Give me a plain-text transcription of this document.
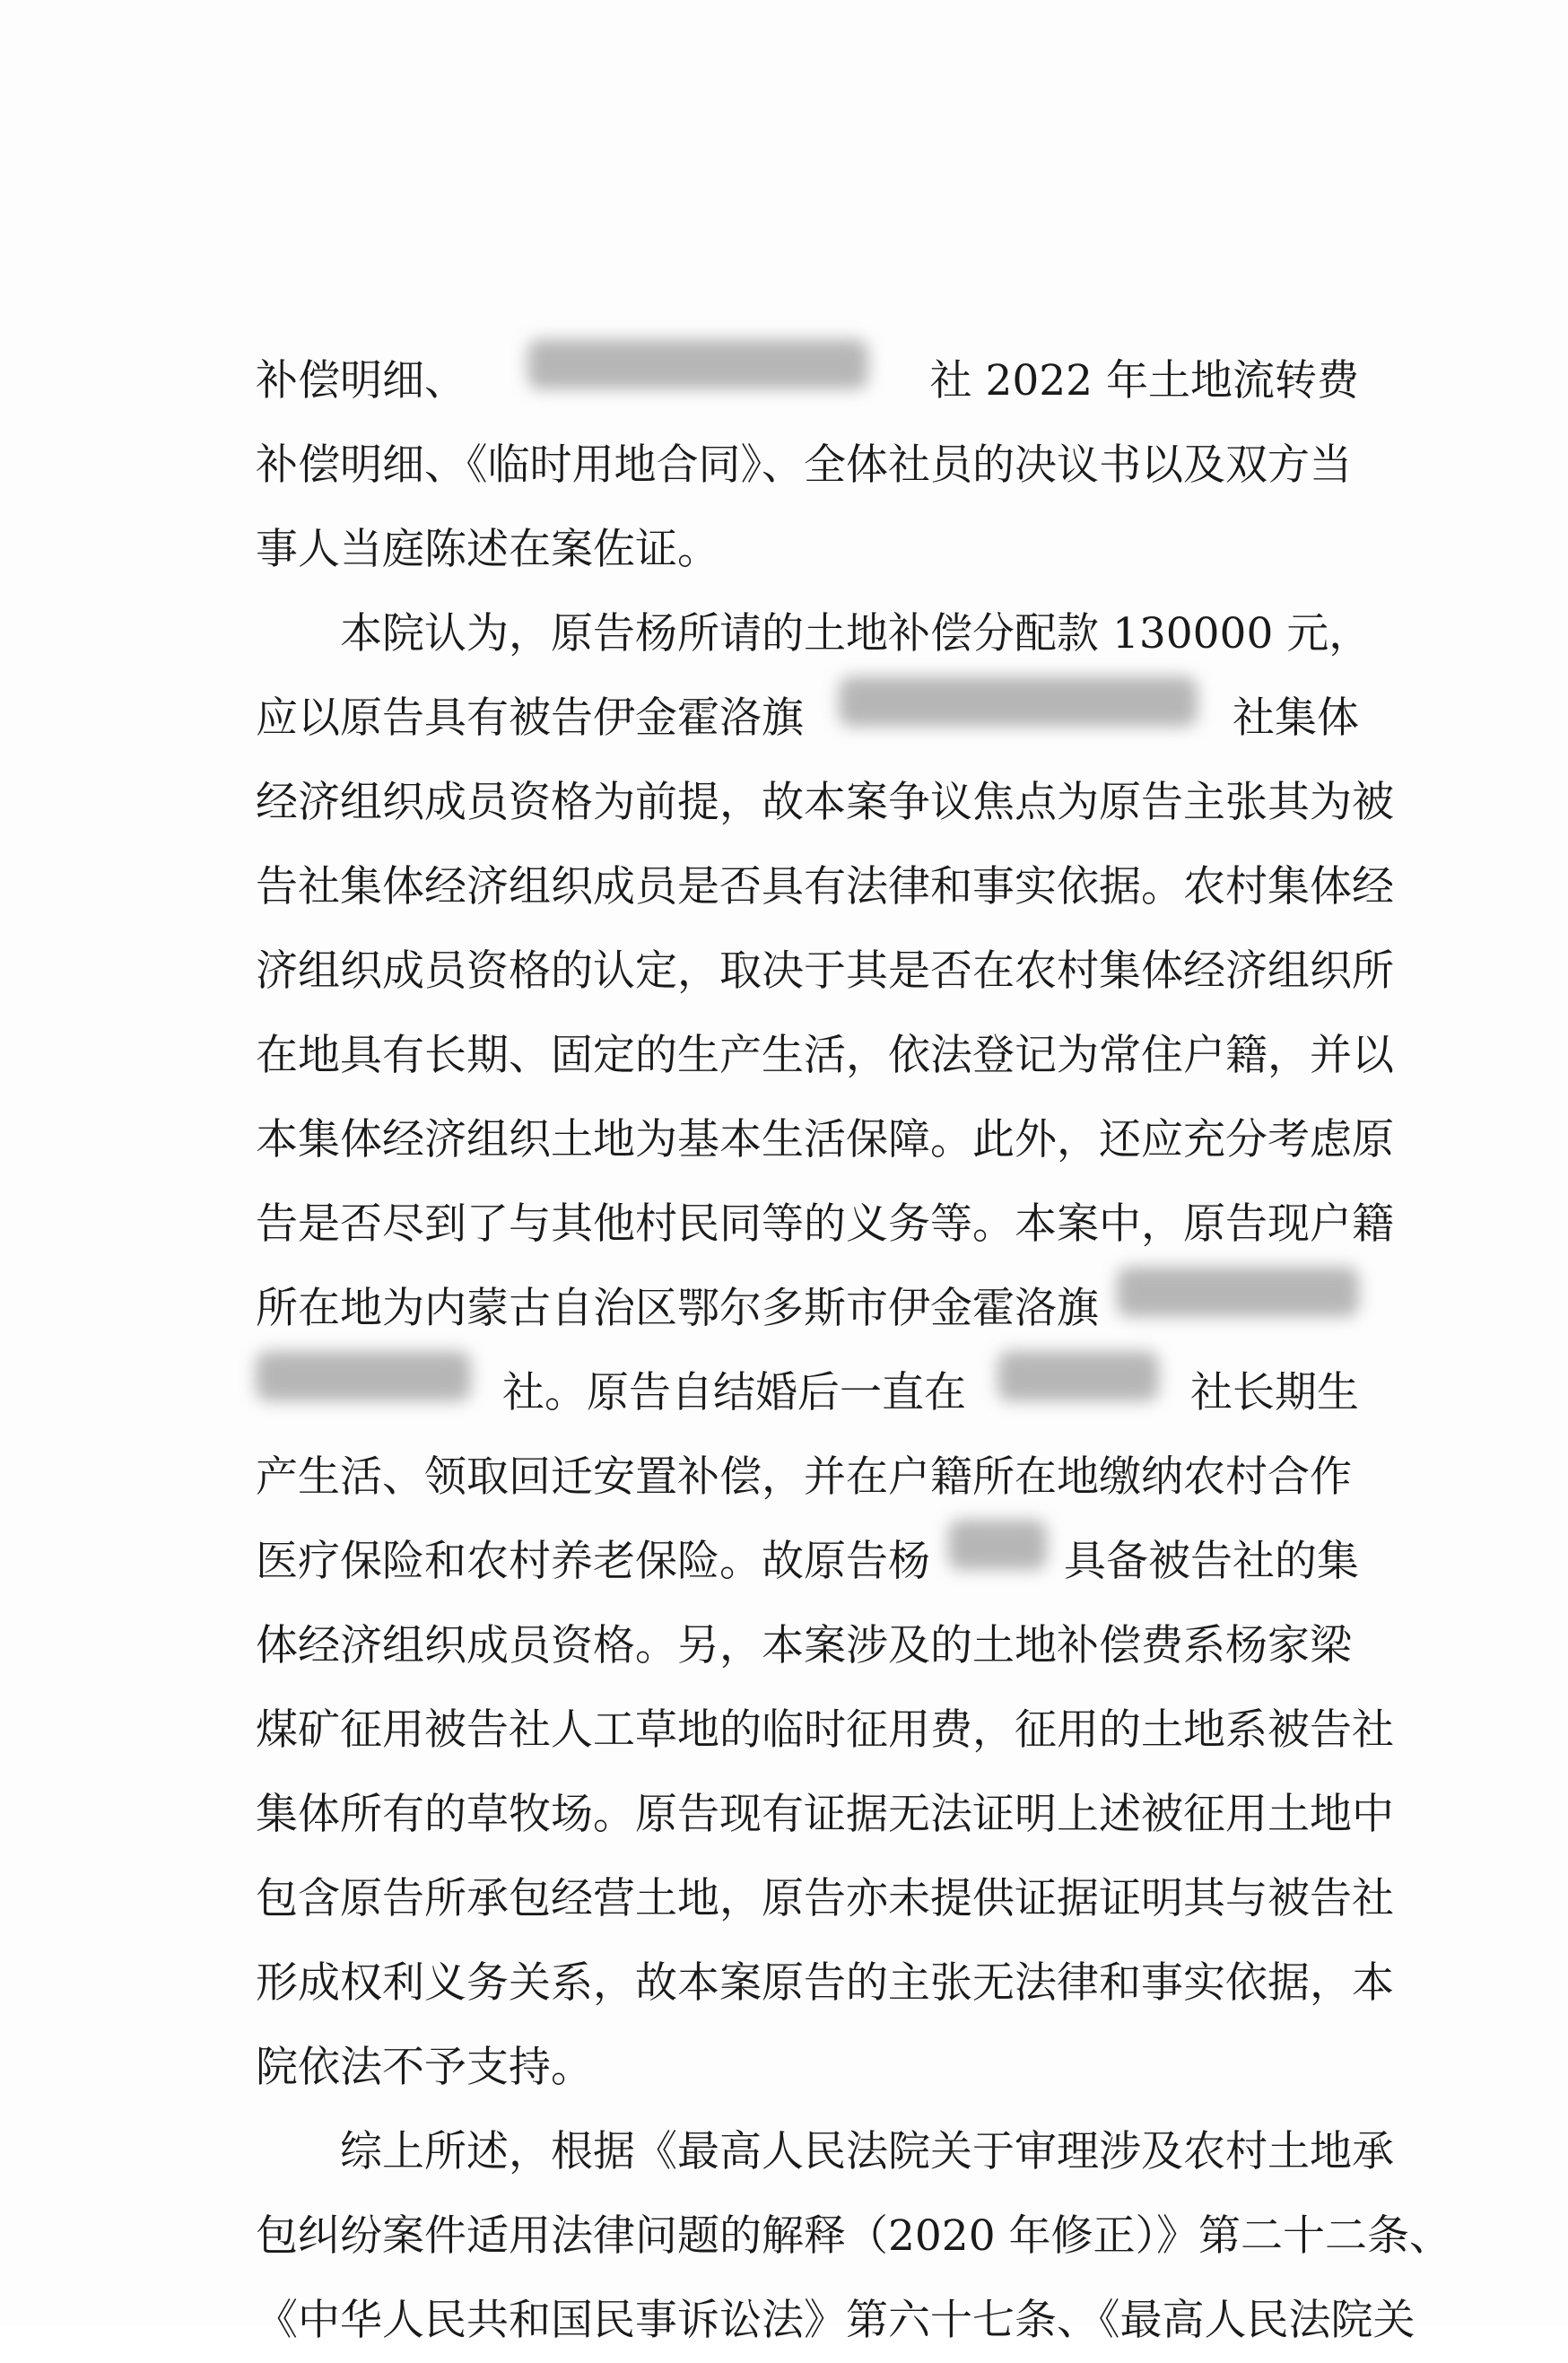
补偿明细、	社 2022 年土地流转费
补偿明细、《临时用地合同》、全体社员的决议书以及双方当
事人当庭陈述在案佐证。
本院认为，原告杨 所请的土地补偿分配款 130000 元，
应以原告具有被告伊金霍洛旗	社集体
经济组织成员资格为前提，故本案争议焦点为原告主张其为被
告社集体经济组织成员是否具有法律和事实依据。农村集体经
济组织成员资格的认定，取决于其是否在农村集体经济组织所
在地具有长期、固定的生产生活，依法登记为常住户籍，并以
本集体经济组织土地为基本生活保障。此外，还应充分考虑原
告是否尽到了与其他村民同等的义务等。本案中，原告现户籍
所在地为内蒙古自治区鄂尔多斯市伊金霍洛旗
社。原告自结婚后一直在	社长期生
产生活、领取回迁安置补偿，并在户籍所在地缴纳农村合作
医疗保险和农村养老保险。故原告杨	具备被告社的集
体经济组织成员资格。另，本案涉及的土地补偿费系杨家梁
煤矿征用被告社人工草地的临时征用费，征用的土地系被告社
集体所有的草牧场。原告现有证据无法证明上述被征用土地中
包含原告所承包经营土地，原告亦未提供证据证明其与被告社
形成权利义务关系，故本案原告的主张无法律和事实依据，本
院依法不予支持。
综上所述，根据《最高人民法院关于审理涉及农村土地承
包纠纷案件适用法律问题的解释（2020 年修正）》第二十二条、
《中华人民共和国民事诉讼法》第六十七条、《最高人民法院关
